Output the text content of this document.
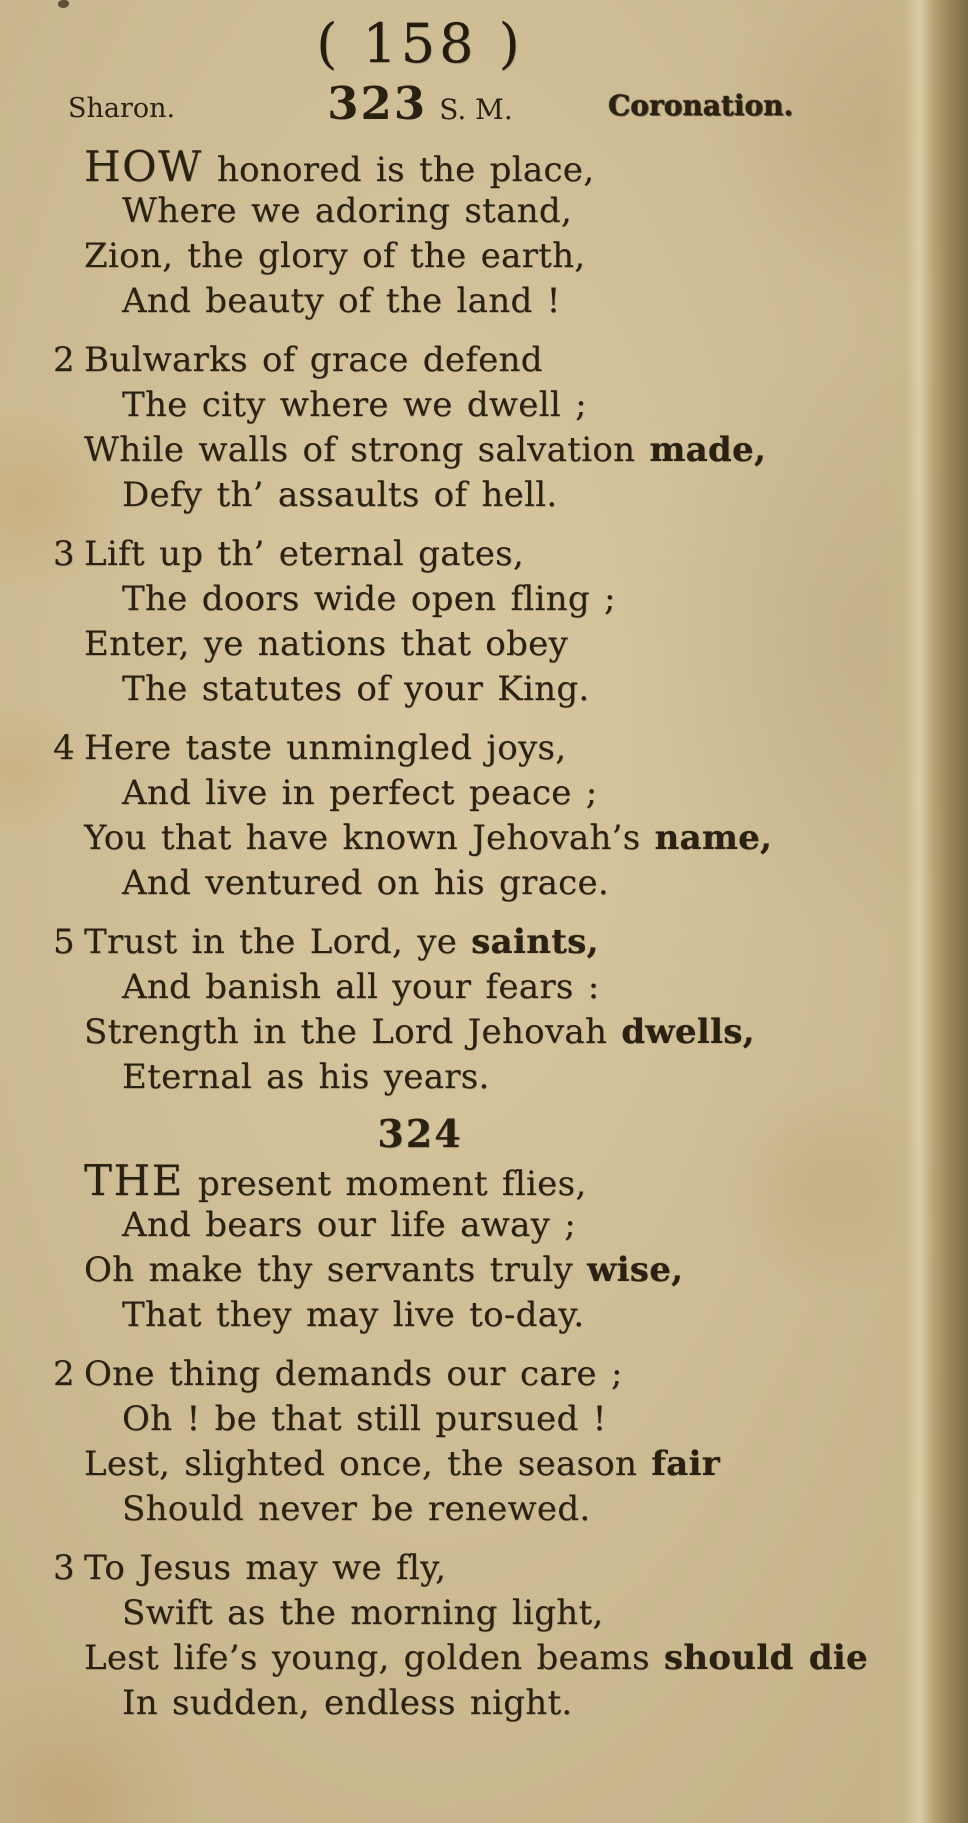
( 158 )
Sharon.	323 S. M.	Coronation.
HOW honored is the place,
Where we adoring stand,
Zion, the glory of the earth,
And beauty of the land !
2 Bulwarks of grace defend
The city where we dwell ;
While walls of strong salvation made,
Defy th’ assaults of hell.
3 Lift up th’ eternal gates,
The doors wide open fling ;
Enter, ye nations that obey
The statutes of your King.
4 Here taste unmingled joys,
And live in perfect peace ;
You that have known Jehovah’s name,
And ventured on his grace.
5 Trust in the Lord, ye saints,
And banish all your fears :
Strength in the Lord Jehovah dwells,
Eternal as his years.
324
THE present moment flies,
And bears our life away ;
Oh make thy servants truly wise,
That they may live to-day.
2 One thing demands our care ;
Oh ! be that still pursued !
Lest, slighted once, the season fair
Should never be renewed.
3 To Jesus may we fly,
Swift as the morning light,
Lest life’s young, golden beams should die
In sudden, endless night.
